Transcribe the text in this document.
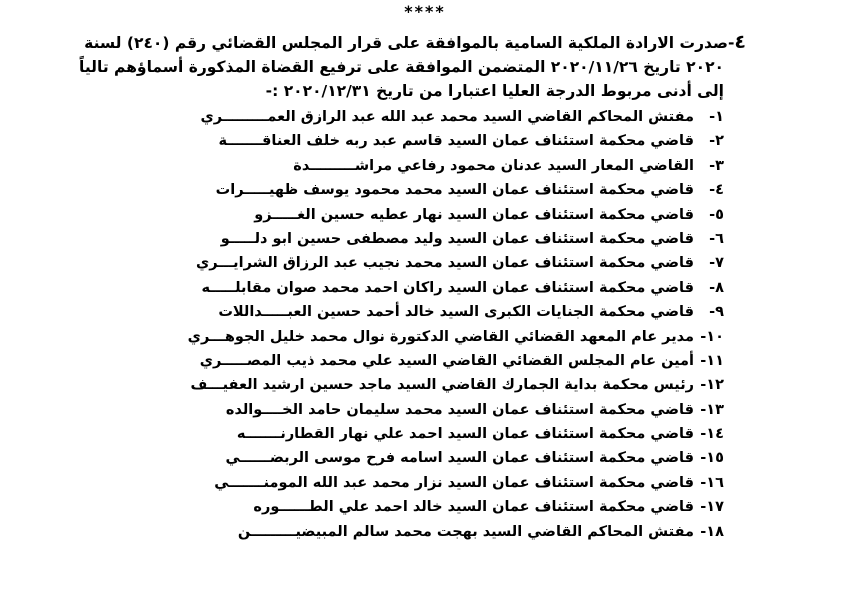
****
٤-صدرت الارادة الملكية السامية بالموافقة على قرار المجلس القضائي رقم (٢٤٠) لسنة
٢٠٢٠ تاريخ ٢٠٢٠/١١/٢٦ المتضمن الموافقة على ترفيع القضاة المذكورة أسماؤهم تالياً
إلى أدنى مربوط الدرجة العليا اعتبارا من تاريخ ٢٠٢٠/١٢/٣١ :-
١-مفتش المحاكم القاضي السيد محمد عبد الله عبد الرازق العمـــــــــري
٢-قاضي محكمة استئناف عمان السيد قاسم عبد ربه خلف العناقـــــــة
٣-القاضي المعار السيد عدنان محمود رفاعي مراشـــــــــدة
٤-قاضي محكمة استئناف عمان السيد محمد محمود يوسف ظهيـــــرات
٥-قاضي محكمة استئناف عمان السيد نهار عطيه حسين الغـــــزو
٦-قاضي محكمة استئناف عمان السيد وليد مصطفى حسين ابو دلـــــو
٧-قاضي محكمة استئناف عمان السيد محمد نجيب عبد الرزاق الشرايـــري
٨-قاضي محكمة استئناف عمان السيد راكان احمد محمد صوان مقابلـــــه
٩-قاضي محكمة الجنايات الكبرى السيد خالد أحمد حسين العبـــــداللات
١٠-مدير عام المعهد القضائي القاضي الدكتورة نوال محمد خليل الجوهـــري
١١-أمين عام المجلس القضائي القاضي السيد علي محمد ذيب المصـــــري
١٢-رئيس محكمة بداية الجمارك القاضي السيد ماجد حسين ارشيد العفيـــف
١٣-قاضي محكمة استئناف عمان السيد محمد سليمان حامد الخــــوالده
١٤-قاضي محكمة استئناف عمان السيد احمد علي نهار القطارنـــــــه
١٥-قاضي محكمة استئناف عمان السيد اسامه فرح موسى الربضــــــي
١٦-قاضي محكمة استئناف عمان السيد نزار محمد عبد الله المومنـــــــي
١٧-قاضي محكمة استئناف عمان السيد خالد احمد علي الطــــــوره
١٨-مفتش المحاكم القاضي السيد بهجت محمد سالم المبيضيـــــــــن
